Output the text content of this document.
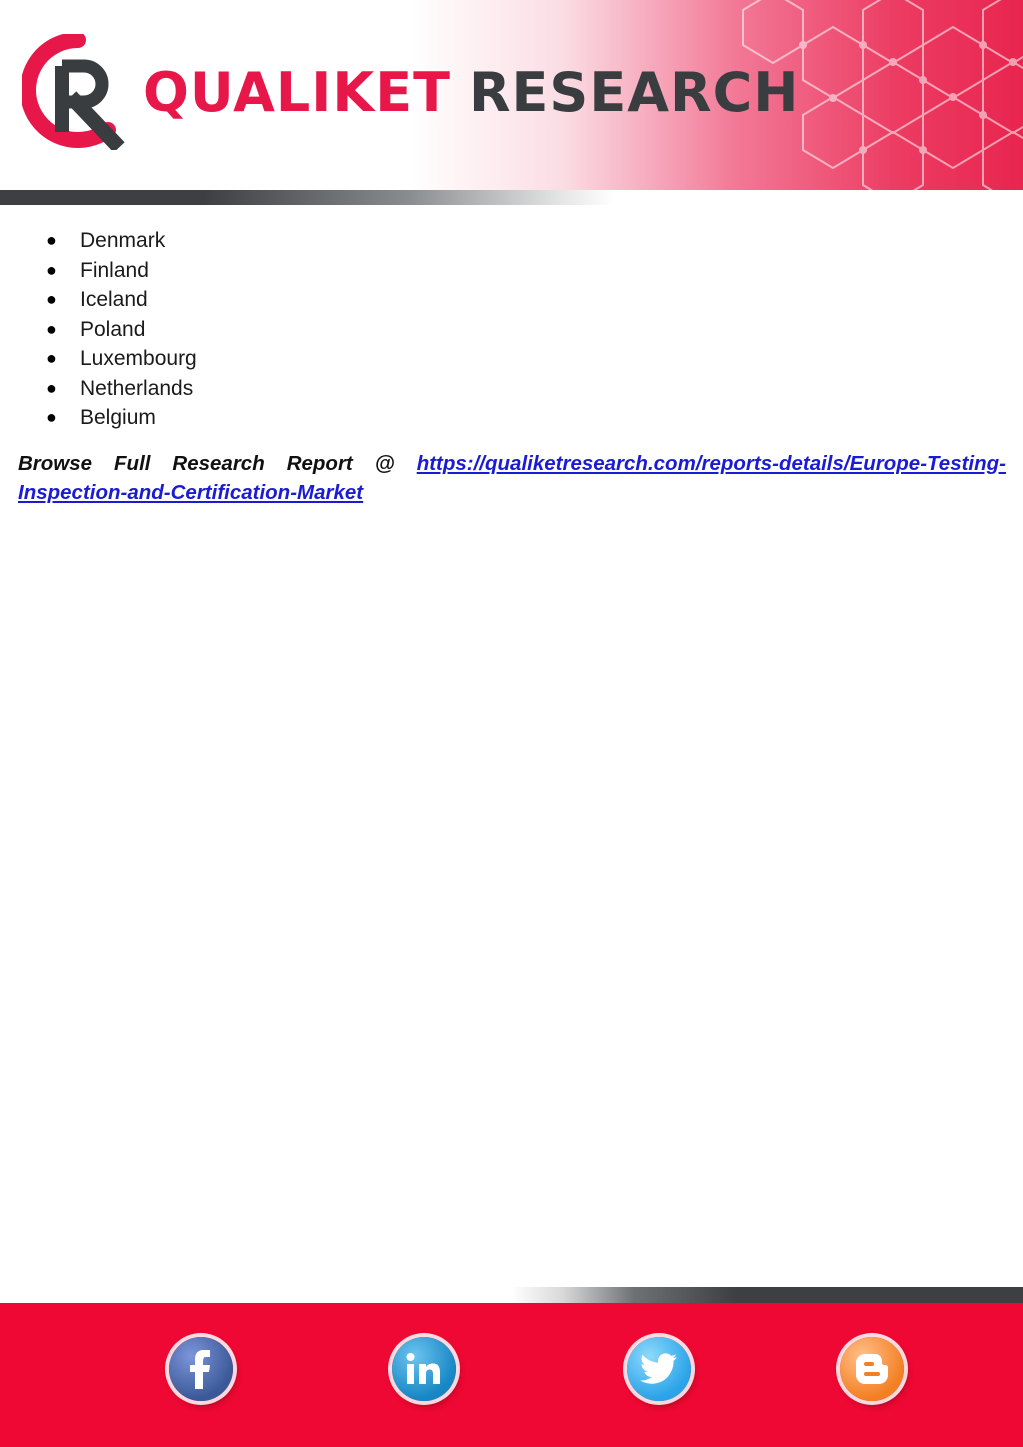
QUALIKET RESEARCH
● Denmark
● Finland
● Iceland
● Poland
● Luxembourg
● Netherlands
● Belgium

Browse Full Research Report @ https://qualiketresearch.com/reports-details/Europe-Testing-Inspection-and-Certification-Market
